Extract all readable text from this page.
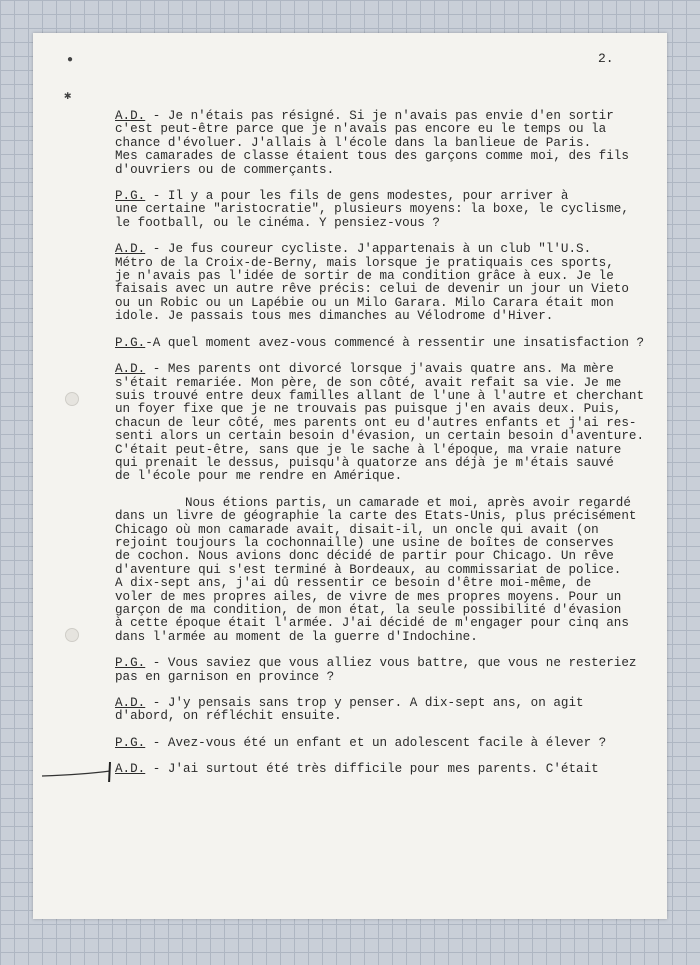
2.
●
✱
A.D. - Je n'étais pas résigné. Si je n'avais pas envie d'en sortir
c'est peut-être parce que je n'avais pas encore eu le temps ou la
chance d'évoluer. J'allais à l'école dans la banlieue de Paris.
Mes camarades de classe étaient tous des garçons comme moi, des fils
d'ouvriers ou de commerçants.
P.G. - Il y a pour les fils de gens modestes, pour arriver à
une certaine "aristocratie", plusieurs moyens: la boxe, le cyclisme,
le football, ou le cinéma. Y pensiez-vous ?
A.D. - Je fus coureur cycliste. J'appartenais à un club "l'U.S.
Métro de la Croix-de-Berny, mais lorsque je pratiquais ces sports,
je n'avais pas l'idée de sortir de ma condition grâce à eux. Je le
faisais avec un autre rêve précis: celui de devenir un jour un Vieto
ou un Robic ou un Lapébie ou un Milo Garara. Milo Carara était mon
idole. Je passais tous mes dimanches au Vélodrome d'Hiver.
P.G.-A quel moment avez-vous commencé à ressentir une insatisfaction ?
A.D. - Mes parents ont divorcé lorsque j'avais quatre ans. Ma mère
s'était remariée. Mon père, de son côté, avait refait sa vie. Je me
suis trouvé entre deux familles allant de l'une à l'autre et cherchant
un foyer fixe que je ne trouvais pas puisque j'en avais deux. Puis,
chacun de leur côté, mes parents ont eu d'autres enfants et j'ai res-
senti alors un certain besoin d'évasion, un certain besoin d'aventure.
C'était peut-être, sans que je le sache à l'époque, ma vraie nature
qui prenait le dessus, puisqu'à quatorze ans déjà je m'étais sauvé
de l'école pour me rendre en Amérique.
Nous étions partis, un camarade et moi, après avoir regardé
dans un livre de géographie la carte des Etats-Unis, plus précisément
Chicago où mon camarade avait, disait-il, un oncle qui avait (on
rejoint toujours la cochonnaille) une usine de boîtes de conserves
de cochon. Nous avions donc décidé de partir pour Chicago. Un rêve
d'aventure qui s'est terminé à Bordeaux, au commissariat de police.
A dix-sept ans, j'ai dû ressentir ce besoin d'être moi-même, de
voler de mes propres ailes, de vivre de mes propres moyens. Pour un
garçon de ma condition, de mon état, la seule possibilité d'évasion
à cette époque était l'armée. J'ai décidé de m'engager pour cinq ans
dans l'armée au moment de la guerre d'Indochine.
P.G. - Vous saviez que vous alliez vous battre, que vous ne resteriez
pas en garnison en province ?
A.D. - J'y pensais sans trop y penser. A dix-sept ans, on agit
d'abord, on réfléchit ensuite.
P.G. - Avez-vous été un enfant et un adolescent facile à élever ?
A.D. - J'ai surtout été très difficile pour mes parents. C'était
